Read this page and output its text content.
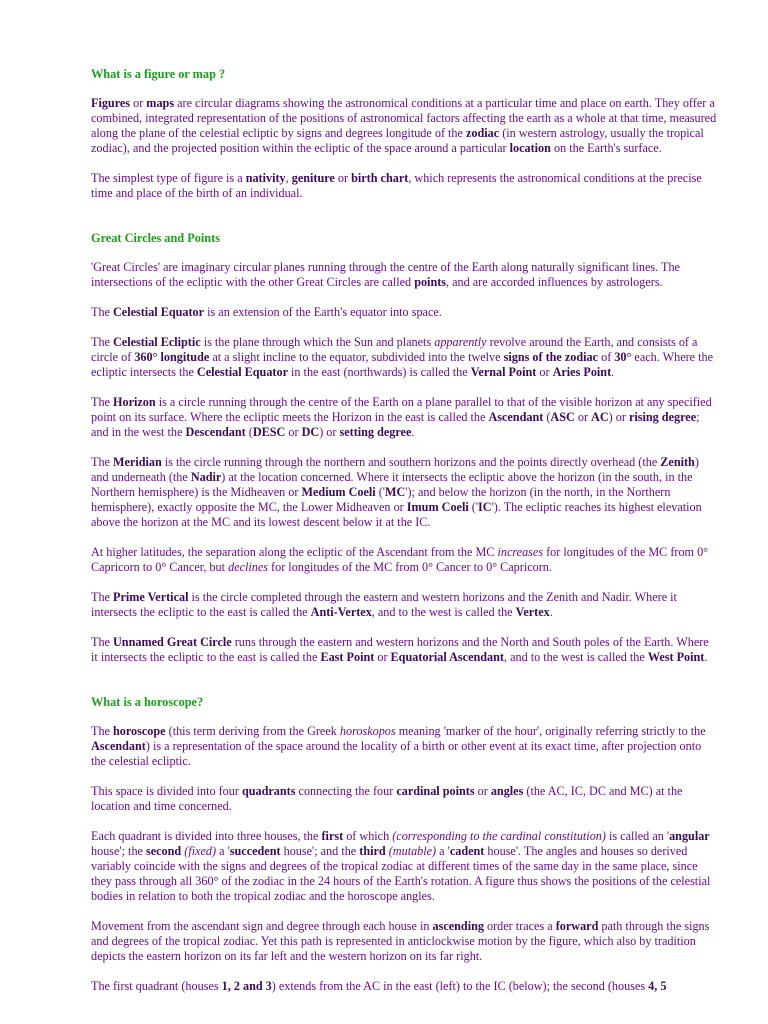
What is a figure or map ?

Figures or maps are circular diagrams showing the astronomical conditions at a particular time and place on earth. They offer a combined, integrated representation of the positions of astronomical factors affecting the earth as a whole at that time, measured along the plane of the celestial ecliptic by signs and degrees longitude of the zodiac (in western astrology, usually the tropical zodiac), and the projected position within the ecliptic of the space around a particular location on the Earth's surface.

The simplest type of figure is a nativity, geniture or birth chart, which represents the astronomical conditions at the precise time and place of the birth of an individual.

Great Circles and Points

'Great Circles' are imaginary circular planes running through the centre of the Earth along naturally significant lines. The intersections of the ecliptic with the other Great Circles are called points, and are accorded influences by astrologers.

The Celestial Equator is an extension of the Earth's equator into space.

The Celestial Ecliptic is the plane through which the Sun and planets apparently revolve around the Earth, and consists of a circle of 360° longitude at a slight incline to the equator, subdivided into the twelve signs of the zodiac of 30° each. Where the ecliptic intersects the Celestial Equator in the east (northwards) is called the Vernal Point or Aries Point.

The Horizon is a circle running through the centre of the Earth on a plane parallel to that of the visible horizon at any specified point on its surface. Where the ecliptic meets the Horizon in the east is called the Ascendant (ASC or AC) or rising degree; and in the west the Descendant (DESC or DC) or setting degree.

The Meridian is the circle running through the northern and southern horizons and the points directly overhead (the Zenith) and underneath (the Nadir) at the location concerned. Where it intersects the ecliptic above the horizon (in the south, in the Northern hemisphere) is the Midheaven or Medium Coeli ('MC'); and below the horizon (in the north, in the Northern hemisphere), exactly opposite the MC, the Lower Midheaven or Imum Coeli ('IC'). The ecliptic reaches its highest elevation above the horizon at the MC and its lowest descent below it at the IC.

At higher latitudes, the separation along the ecliptic of the Ascendant from the MC increases for longitudes of the MC from 0° Capricorn to 0° Cancer, but declines for longitudes of the MC from 0° Cancer to 0° Capricorn.

The Prime Vertical is the circle completed through the eastern and western horizons and the Zenith and Nadir. Where it intersects the ecliptic to the east is called the Anti-Vertex, and to the west is called the Vertex.

The Unnamed Great Circle runs through the eastern and western horizons and the North and South poles of the Earth. Where it intersects the ecliptic to the east is called the East Point or Equatorial Ascendant, and to the west is called the West Point.

What is a horoscope?

The horoscope (this term deriving from the Greek horoskopos meaning 'marker of the hour', originally referring strictly to the Ascendant) is a representation of the space around the locality of a birth or other event at its exact time, after projection onto the celestial ecliptic.

This space is divided into four quadrants connecting the four cardinal points or angles (the AC, IC, DC and MC) at the location and time concerned.

Each quadrant is divided into three houses, the first of which (corresponding to the cardinal constitution) is called an 'angular house'; the second (fixed) a 'succedent house'; and the third (mutable) a 'cadent house'. The angles and houses so derived variably coincide with the signs and degrees of the tropical zodiac at different times of the same day in the same place, since they pass through all 360° of the zodiac in the 24 hours of the Earth's rotation. A figure thus shows the positions of the celestial bodies in relation to both the tropical zodiac and the horoscope angles.

Movement from the ascendant sign and degree through each house in ascending order traces a forward path through the signs and degrees of the tropical zodiac. Yet this path is represented in anticlockwise motion by the figure, which also by tradition depicts the eastern horizon on its far left and the western horizon on its far right.

The first quadrant (houses 1, 2 and 3) extends from the AC in the east (left) to the IC (below); the second (houses 4, 5
